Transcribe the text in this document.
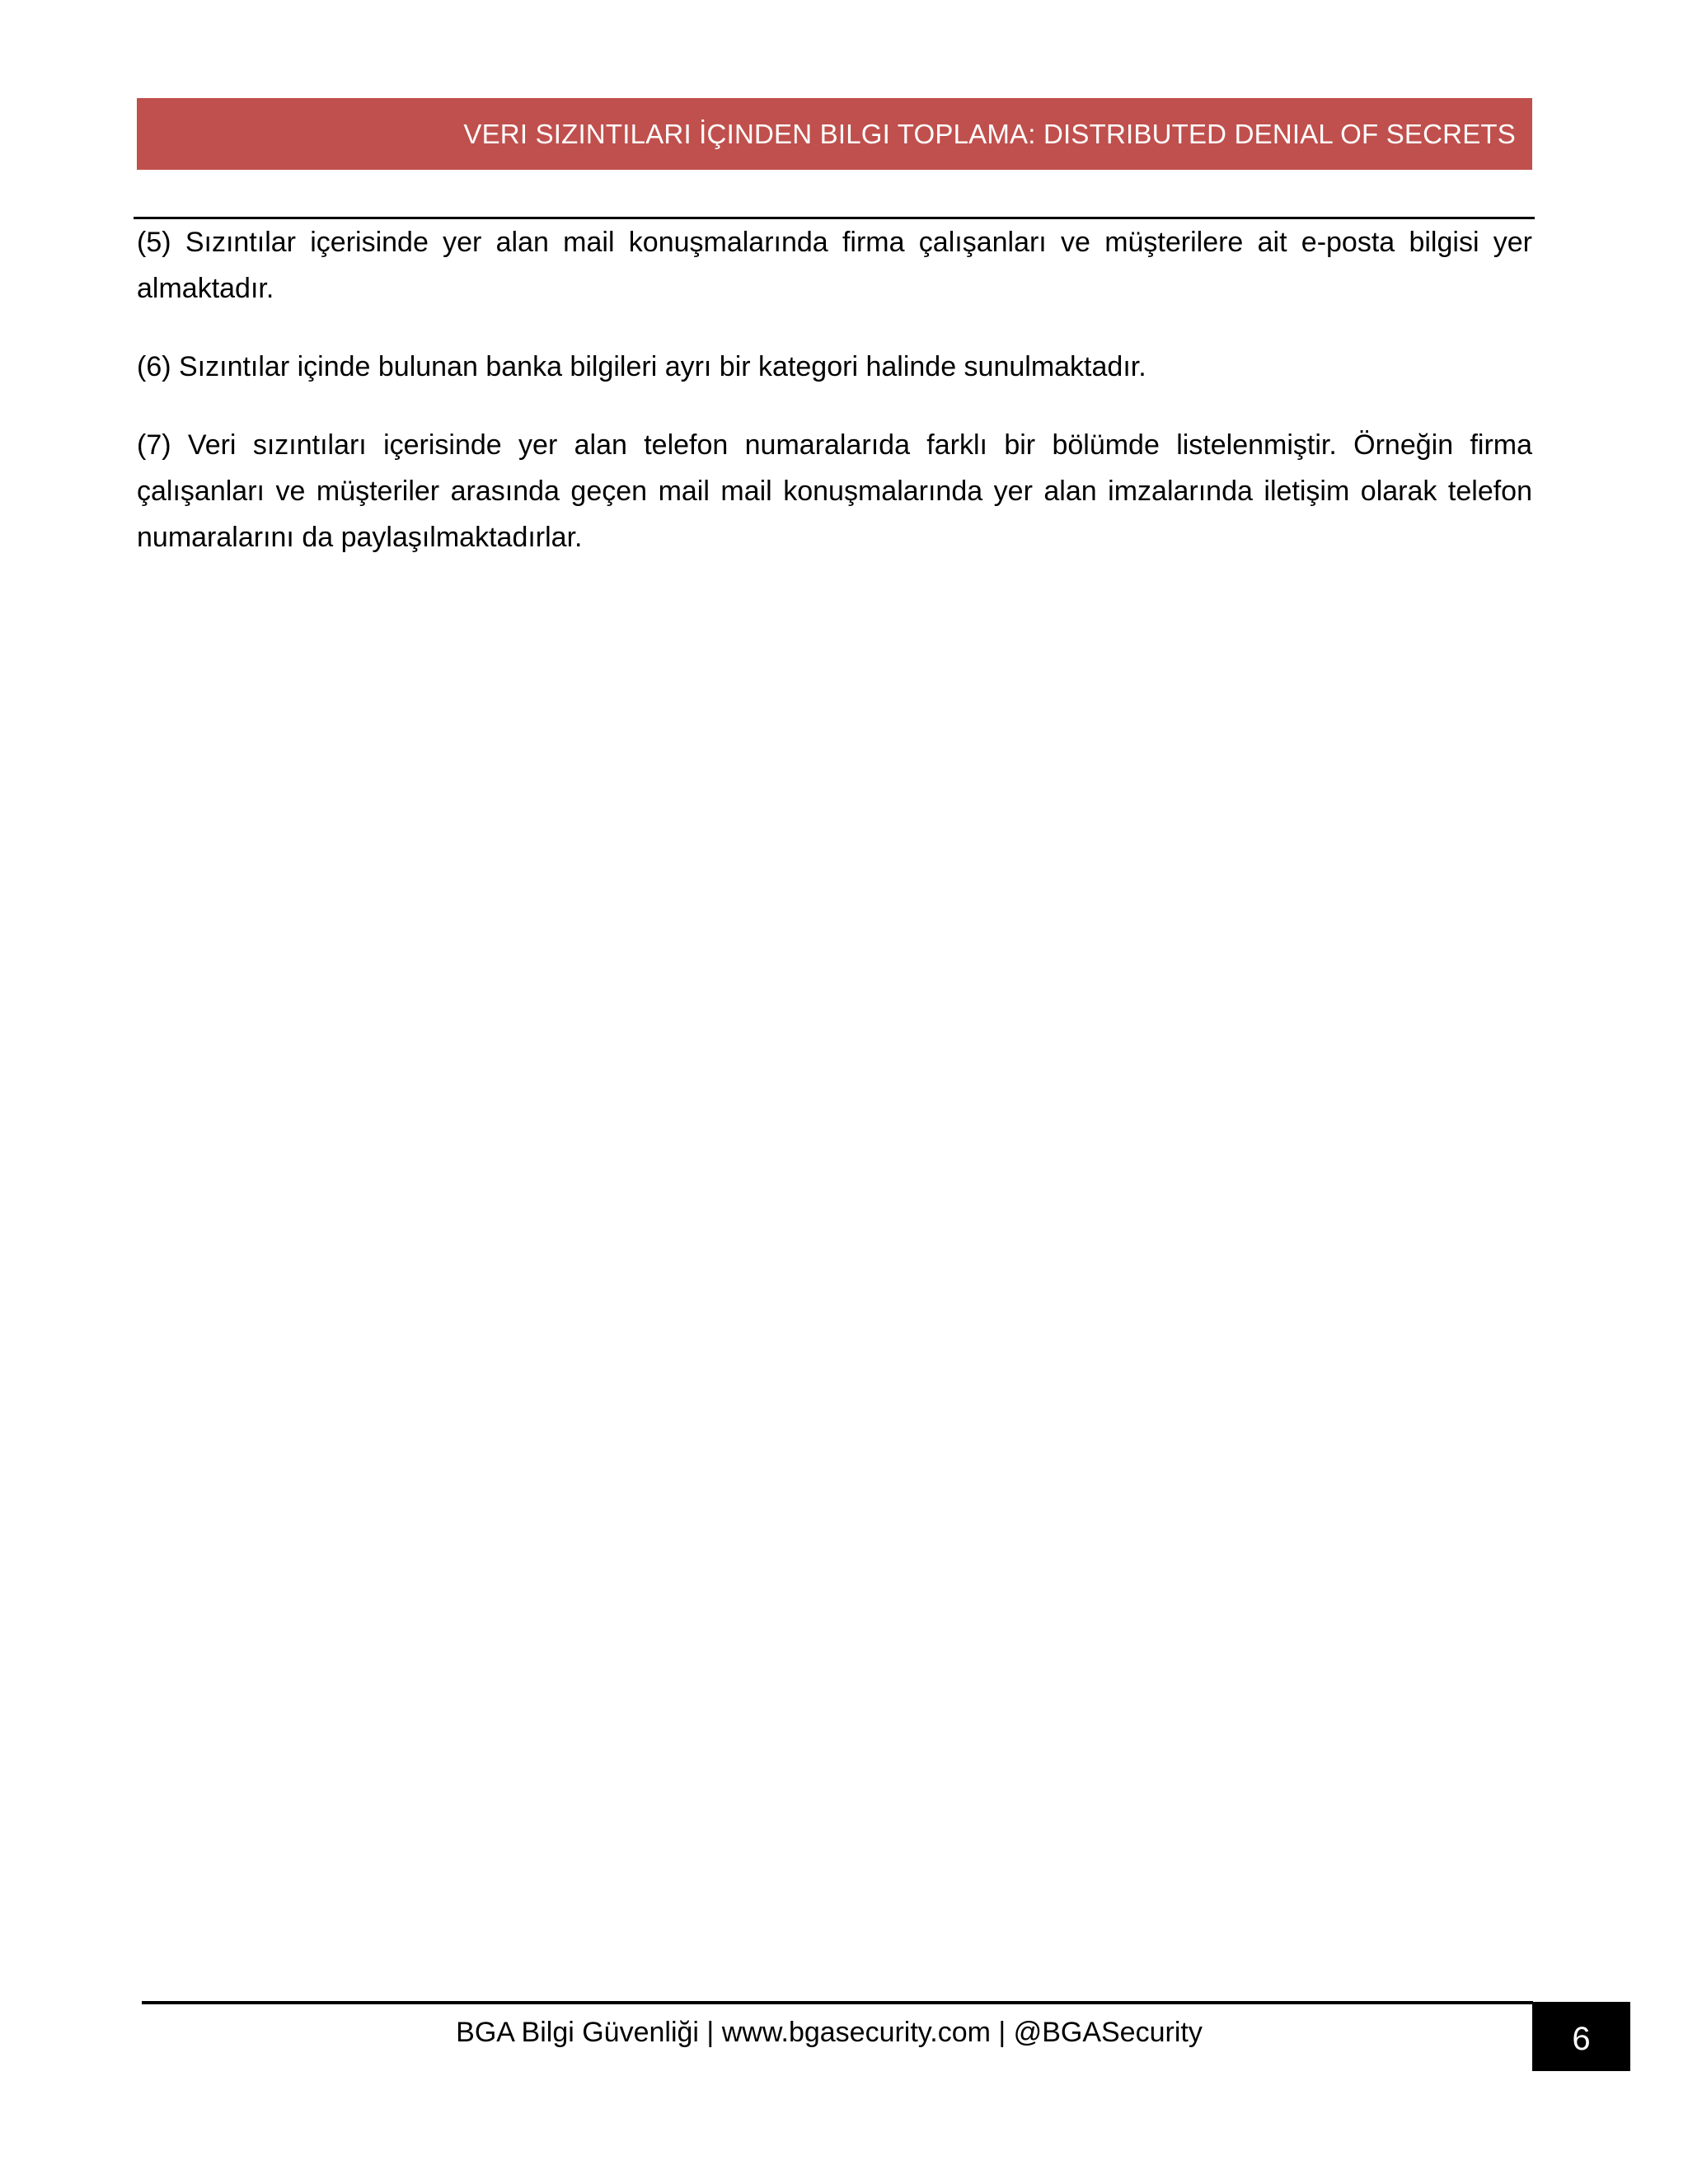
VERI SIZINTILARI İÇINDEN BILGI TOPLAMA: DISTRIBUTED DENIAL OF SECRETS

(5) Sızıntılar içerisinde yer alan mail konuşmalarında firma çalışanları ve müşterilere ait e-posta bilgisi yer almaktadır.

(6) Sızıntılar içinde bulunan banka bilgileri ayrı bir kategori halinde sunulmaktadır.

(7) Veri sızıntıları içerisinde yer alan telefon numaralarıda farklı bir bölümde listelenmiştir. Örneğin firma çalışanları ve müşteriler arasında geçen mail mail konuşmalarında yer alan imzalarında iletişim olarak telefon numaralarını da paylaşılmaktadırlar.

BGA Bilgi Güvenliği | www.bgasecurity.com | @BGASecurity	6
